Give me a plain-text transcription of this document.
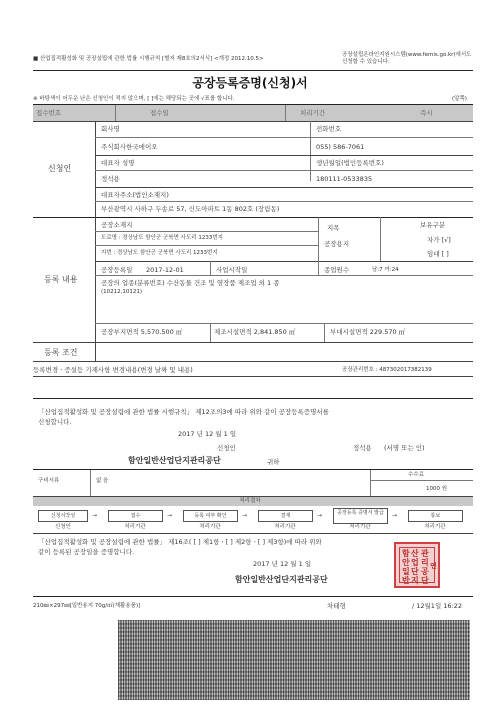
■ 산업집적활성화 및 공장설립에 관한 법률 시행규칙 [별지 제8호의2서식] <개정 2012.10.5>
공장설립온라인지원시스템(www.femis.go.kr)에서도 신청할 수 있습니다.
공장등록증명(신청)서
※ 바탕색이 어두운 난은 신청인이 적지 않으며, [ ]에는 해당되는 곳에 √표를 합니다.	(앞쪽)
접수번호	접수일	처리기간	즉시
신청인
회사명
주식회사한국에이오
전화번호
055) 586-7061
대표자 성명
정석용
생년월일(법인등록번호)
180111-0533835
대표자주소(법인소재지)
부산광역시 사하구 두송로 57, 신도아파트 1동 802호 (장림동)
등록 내용
공장소재지
도로명 : 경상남도 함안군 군북면 사도리 1233번지
지번 : 경상남도 함안군 군북면 사도리 1233번지
지목
공장용지
보유구분
자가 [√]
임대 [ ]
공장등록일 2017-12-01	사업시작일	종업원수	남:7 여:24
공장의 업종(분류번호) 수산동물 건조 및 염장품 제조업 외 1 종
(10212,10121)
공장부지면적 5,570.500 ㎡	제조시설면적 2,841.850 ㎡	부대시설면적 229.570 ㎡
등록 조건
등록변경ㆍ증설등 기재사항 변경내용(변경 날짜 및 내용)	공장관리번호 : 487302017382139
「산업집적활성화 및 공장설립에 관한 법률 시행규칙」 제12조의3에 따라 위와 같이 공장등록증명서를
신청합니다.
2017 년 12 월 1 일
신청인	정석용 (서명 또는 인)
함안일반산업단지관리공단	귀하
구비서류	없 음
수수료
1000 원
처리절차
신청서작성	→	접수	→	등록 여부 확인	→	결재	→	공장등록 증명서 발급	→	통보
신청인	처리기관	처리기관	처리기관	처리기관	처리기관
「산업집적활성화 및 공장설립에 관한 법률」 제16조( [ ] 제1항ㆍ[ ] 제2항ㆍ[ ] 제3항)에 따라 위와
같이 등록된 공장임을 증명합니다.
2017 년 12 월 1 일
함안일반산업단지관리공단
함
안
일
반
산
업
단
지
관
리
공
단
인
210㎜×297㎜[일반용지 70g/㎡(재활용품)]	차태형	/ 12월1일 16:22
